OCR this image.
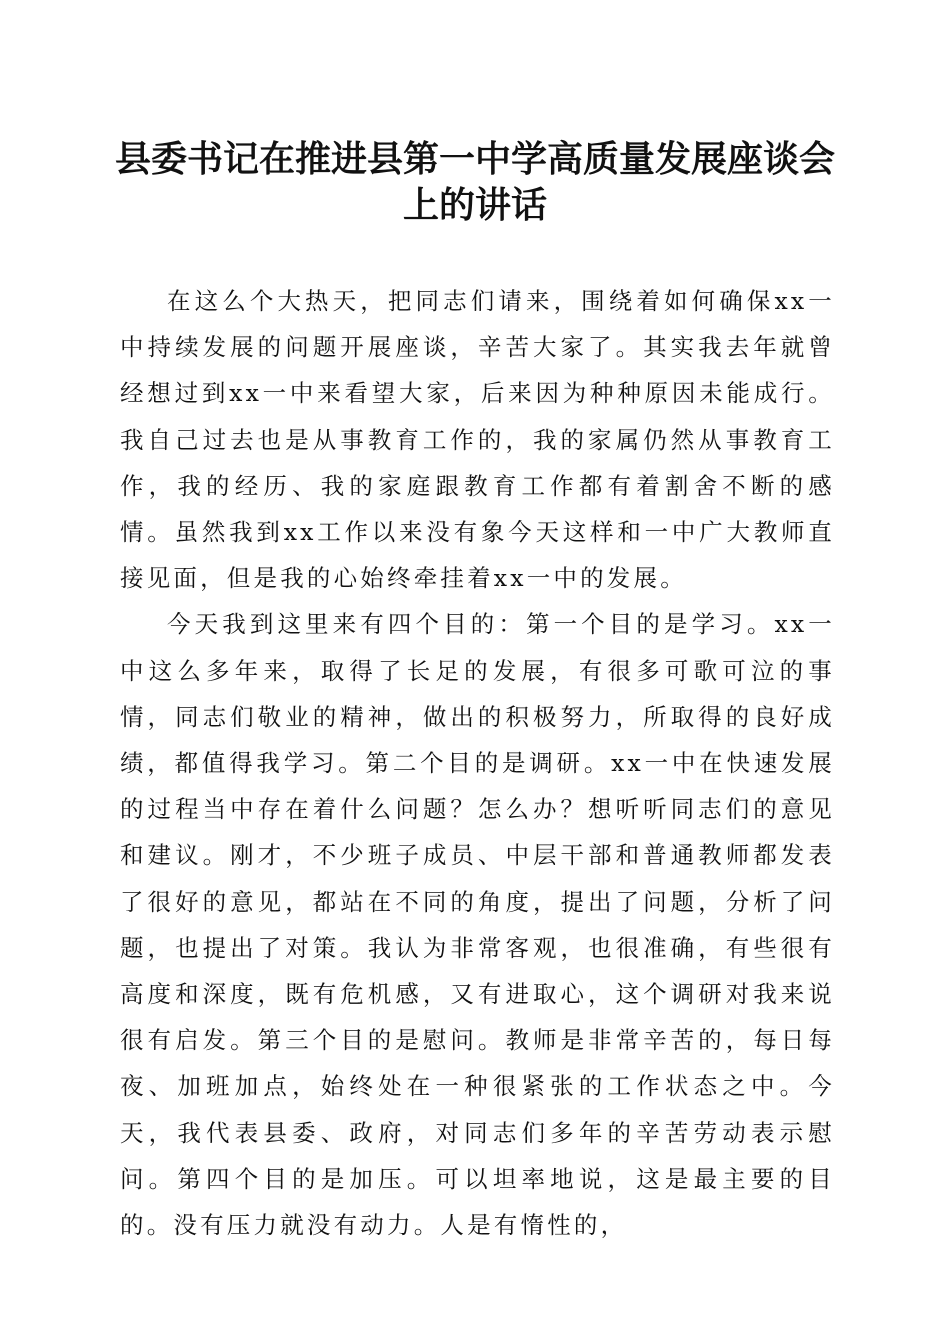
县委书记在推进县第一中学高质量发展座谈会上的讲话

在这么个大热天，把同志们请来，围绕着如何确保xx一中持续发展的问题开展座谈，辛苦大家了。其实我去年就曾经想过到xx一中来看望大家，后来因为种种原因未能成行。我自己过去也是从事教育工作的，我的家属仍然从事教育工作，我的经历、我的家庭跟教育工作都有着割舍不断的感情。虽然我到xx工作以来没有象今天这样和一中广大教师直接见面，但是我的心始终牵挂着xx一中的发展。

今天我到这里来有四个目的：第一个目的是学习。xx一中这么多年来，取得了长足的发展，有很多可歌可泣的事情，同志们敬业的精神，做出的积极努力，所取得的良好成绩，都值得我学习。第二个目的是调研。xx一中在快速发展的过程当中存在着什么问题？怎么办？想听听同志们的意见和建议。刚才，不少班子成员、中层干部和普通教师都发表了很好的意见，都站在不同的角度，提出了问题，分析了问题，也提出了对策。我认为非常客观，也很准确，有些很有高度和深度，既有危机感，又有进取心，这个调研对我来说很有启发。第三个目的是慰问。教师是非常辛苦的，每日每夜、加班加点，始终处在一种很紧张的工作状态之中。今天，我代表县委、政府，对同志们多年的辛苦劳动表示慰问。第四个目的是加压。可以坦率地说，这是最主要的目的。没有压力就没有动力。人是有惰性的，
